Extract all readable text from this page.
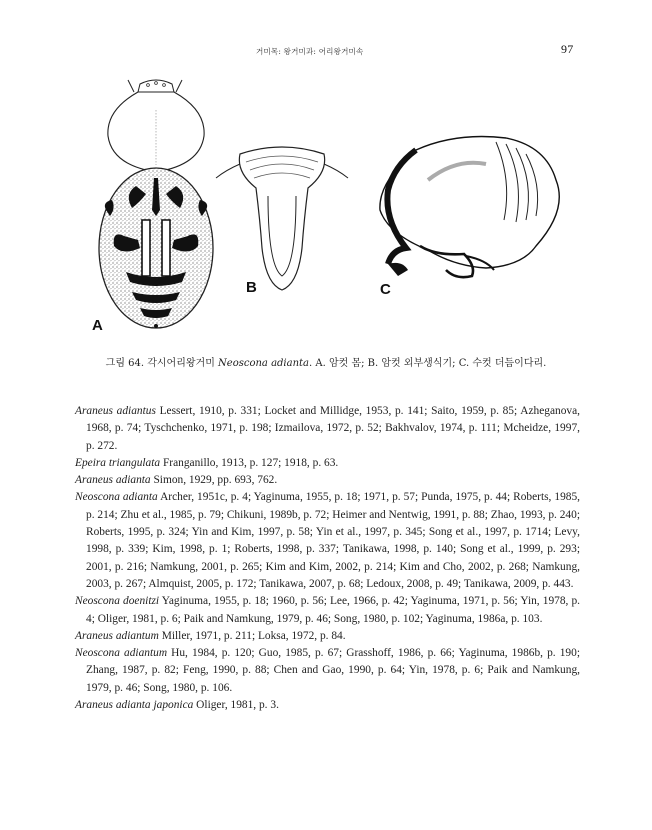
거미목: 왕거미과: 어리왕거미속	97
A
B	C
그림 64. 각시어리왕거미 Neoscona adianta. A. 암컷 몸; B. 암컷 외부생식기; C. 수컷 더듬이다리.

Araneus adiantus Lessert, 1910, p. 331; Locket and Millidge, 1953, p. 141; Saito, 1959, p. 85; Azheganova, 1968, p. 74; Tyschchenko, 1971, p. 198; Izmailova, 1972, p. 52; Bakhvalov, 1974, p. 111; Mcheidze, 1997, p. 272.

Epeira triangulata Franganillo, 1913, p. 127; 1918, p. 63.

Araneus adianta Simon, 1929, pp. 693, 762.

Neoscona adianta Archer, 1951c, p. 4; Yaginuma, 1955, p. 18; 1971, p. 57; Punda, 1975, p. 44; Roberts, 1985, p. 214; Zhu et al., 1985, p. 79; Chikuni, 1989b, p. 72; Heimer and Nentwig, 1991, p. 88; Zhao, 1993, p. 240; Roberts, 1995, p. 324; Yin and Kim, 1997, p. 58; Yin et al., 1997, p. 345; Song et al., 1997, p. 1714; Levy, 1998, p. 339; Kim, 1998, p. 1; Roberts, 1998, p. 337; Tanikawa, 1998, p. 140; Song et al., 1999, p. 293; 2001, p. 216; Namkung, 2001, p. 265; Kim and Kim, 2002, p. 214; Kim and Cho, 2002, p. 268; Namkung, 2003, p. 267; Almquist, 2005, p. 172; Tanikawa, 2007, p. 68; Ledoux, 2008, p. 49; Tanikawa, 2009, p. 443.

Neoscona doenitzi Yaginuma, 1955, p. 18; 1960, p. 56; Lee, 1966, p. 42; Yaginuma, 1971, p. 56; Yin, 1978, p. 4; Oliger, 1981, p. 6; Paik and Namkung, 1979, p. 46; Song, 1980, p. 102; Yaginuma, 1986a, p. 103.

Araneus adiantum Miller, 1971, p. 211; Loksa, 1972, p. 84.

Neoscona adiantum Hu, 1984, p. 120; Guo, 1985, p. 67; Grasshoff, 1986, p. 66; Yaginuma, 1986b, p. 190; Zhang, 1987, p. 82; Feng, 1990, p. 88; Chen and Gao, 1990, p. 64; Yin, 1978, p. 6; Paik and Namkung, 1979, p. 46; Song, 1980, p. 106.

Araneus adianta japonica Oliger, 1981, p. 3.
